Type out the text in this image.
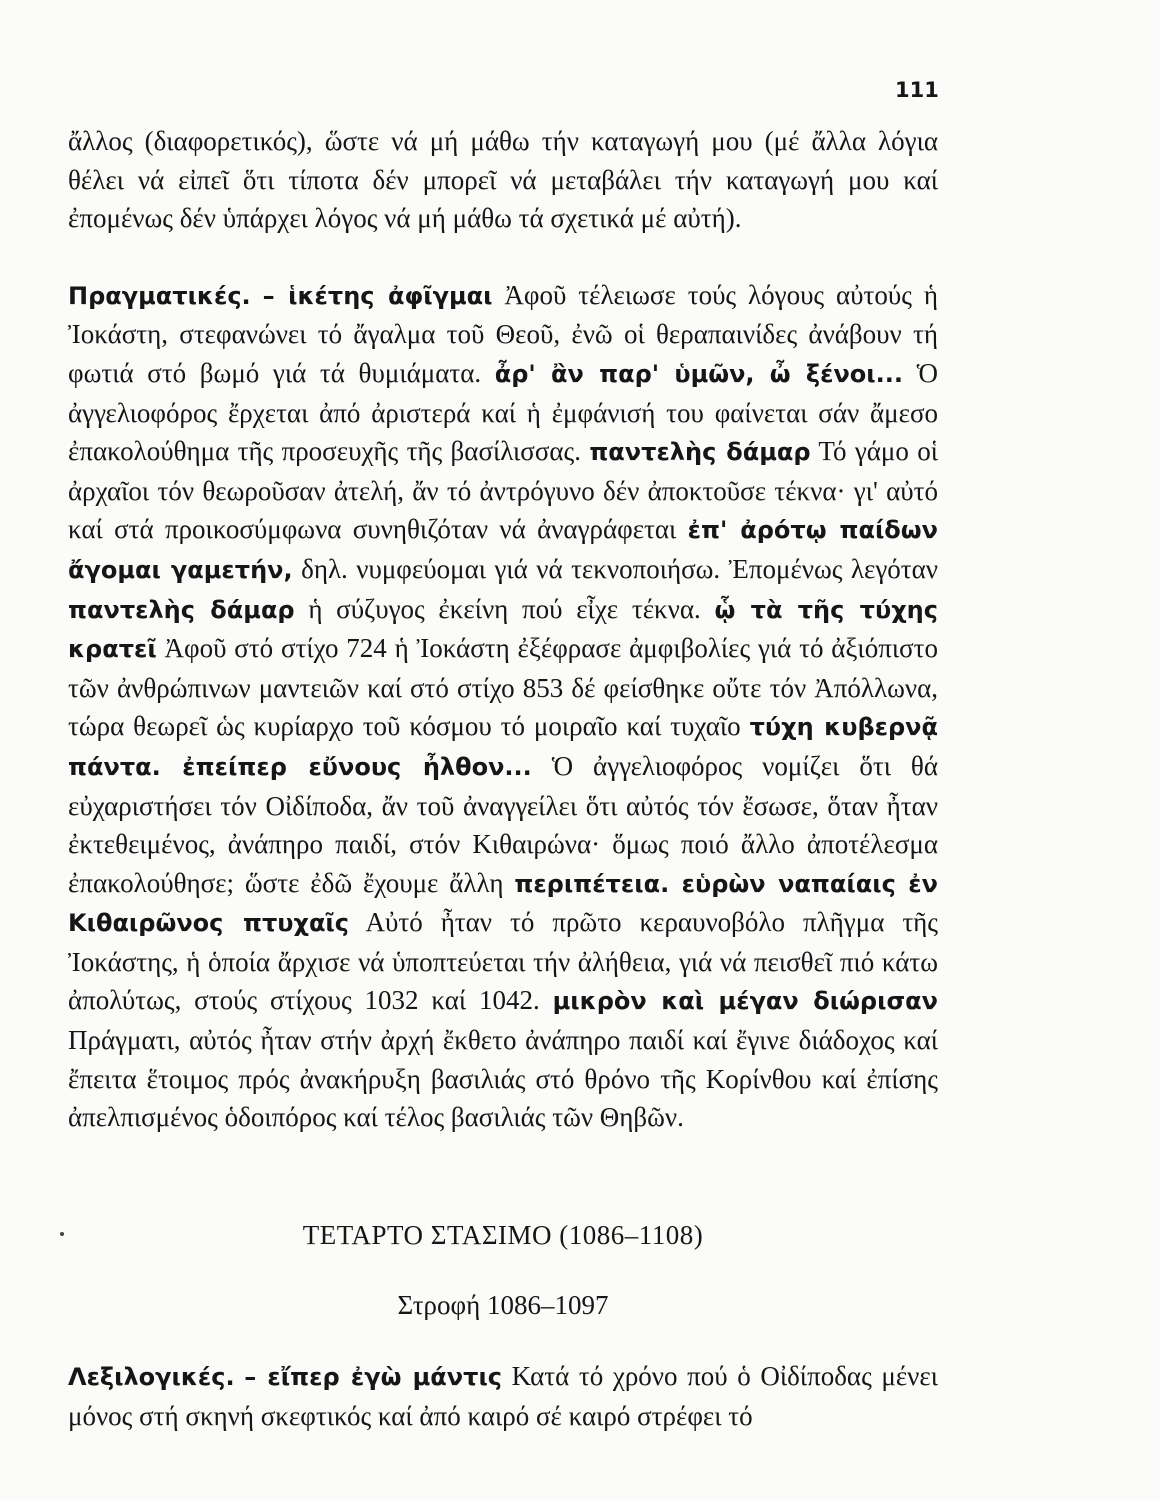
111

ἄλλος (διαφορετικός), ὥστε νά μή μάθω τήν καταγωγή μου (μέ ἄλλα λόγια θέλει νά εἰπεῖ ὅτι τίποτα δέν μπορεῖ νά μεταβάλει τήν καταγωγή μου καί ἐπομένως δέν ὑπάρχει λόγος νά μή μάθω τά σχετικά μέ αὐτή).

Πραγματικές. – ἱκέτης ἀφῖγμαι Ἀφοῦ τέλειωσε τούς λόγους αὐτούς ἡ Ἰοκάστη, στεφανώνει τό ἄγαλμα τοῦ Θεοῦ, ἐνῶ οἱ θεραπαινίδες ἀνάβουν τή φωτιά στό βωμό γιά τά θυμιάματα. ἆρ' ἂν παρ' ὑμῶν, ὦ ξένοι... Ὁ ἀγγελιοφόρος ἔρχεται ἀπό ἀριστερά καί ἡ ἐμφάνισή του φαίνεται σάν ἄμεσο ἐπακολούθημα τῆς προσευχῆς τῆς βασίλισσας. παντελὴς δάμαρ Τό γάμο οἱ ἀρχαῖοι τόν θεωροῦσαν ἀτελή, ἄν τό ἀντρόγυνο δέν ἀποκτοῦσε τέκνα· γι' αὐτό καί στά προικοσύμφωνα συνηθιζόταν νά ἀναγράφεται ἐπ' ἀρότῳ παίδων ἄγομαι γαμετήν, δηλ. νυμφεύομαι γιά νά τεκνοποιήσω. Ἐπομένως λεγόταν παντελὴς δάμαρ ἡ σύζυγος ἐκείνη πού εἶχε τέκνα. ᾧ τὰ τῆς τύχης κρατεῖ Ἀφοῦ στό στίχο 724 ἡ Ἰοκάστη ἐξέφρασε ἀμφιβολίες γιά τό ἀξιόπιστο τῶν ἀνθρώπινων μαντειῶν καί στό στίχο 853 δέ φείσθηκε οὔτε τόν Ἀπόλλωνα, τώρα θεωρεῖ ὡς κυρίαρχο τοῦ κόσμου τό μοιραῖο καί τυχαῖο τύχη κυβερνᾷ πάντα. ἐπείπερ εὔνους ἦλθον... Ὁ ἀγγελιοφόρος νομίζει ὅτι θά εὐχαριστήσει τόν Οἰδίποδα, ἄν τοῦ ἀναγγείλει ὅτι αὐτός τόν ἔσωσε, ὅταν ἦταν ἐκτεθειμένος, ἀνάπηρο παιδί, στόν Κιθαιρώνα· ὅμως ποιό ἄλλο ἀποτέλεσμα ἐπακολούθησε; ὥστε ἐδῶ ἔχουμε ἄλλη περιπέτεια. εὑρὼν ναπαίαις ἐν Κιθαιρῶνος πτυχαῖς Αὐτό ἦταν τό πρῶτο κεραυνοβόλο πλῆγμα τῆς Ἰοκάστης, ἡ ὁποία ἄρχισε νά ὑποπτεύεται τήν ἀλήθεια, γιά νά πεισθεῖ πιό κάτω ἀπολύτως, στούς στίχους 1032 καί 1042. μικρὸν καὶ μέγαν διώρισαν Πράγματι, αὐτός ἦταν στήν ἀρχή ἔκθετο ἀνάπηρο παιδί καί ἔγινε διάδοχος καί ἔπειτα ἕτοιμος πρός ἀνακήρυξη βασιλιάς στό θρόνο τῆς Κορίνθου καί ἐπίσης ἀπελπισμένος ὁδοιπόρος καί τέλος βασιλιάς τῶν Θηβῶν.

ΤΕΤΑΡΤΟ ΣΤΑΣΙΜΟ (1086–1108)
Στροφή 1086–1097

Λεξιλογικές. – εἴπερ ἐγὼ μάντις Κατά τό χρόνο πού ὁ Οἰδίποδας μένει μόνος στή σκηνή σκεφτικός καί ἀπό καιρό σέ καιρό στρέφει τό
